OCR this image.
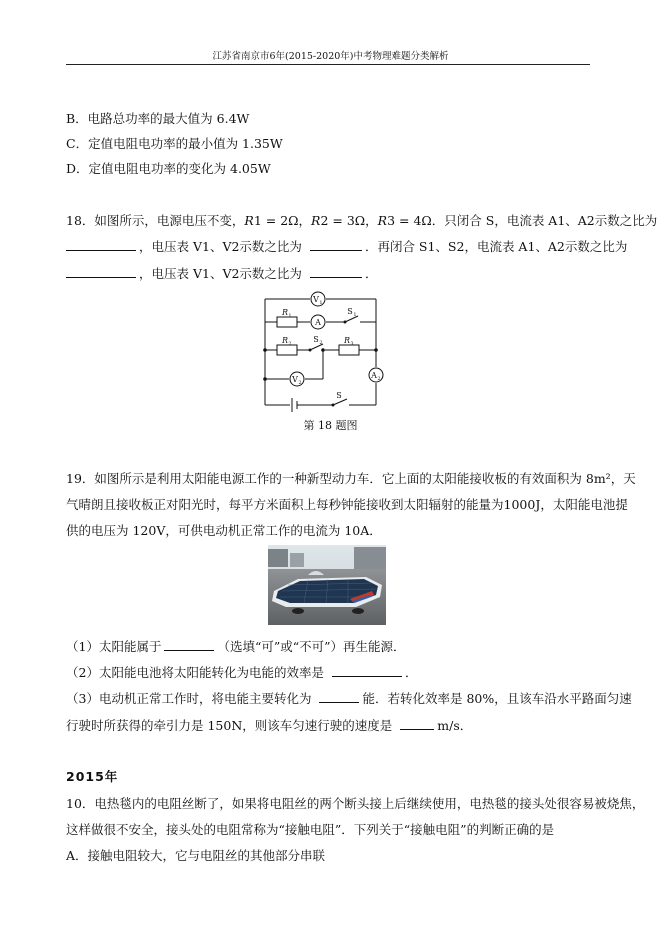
江苏省南京市6年(2015-2020年)中考物理难题分类解析
B．电路总功率的最大值为 6.4W
C．定值电阻电功率的最小值为 1.35W
D．定值电阻电功率的变化为 4.05W
18．如图所示，电源电压不变，R1 = 2Ω，R2 = 3Ω，R3 = 4Ω．只闭合 S，电流表 A1、A2示数之比为
，电压表 V1、V2示数之比为	．再闭合 S1、S2，电流表 A1、A2示数之比为
，电压表 V1、V2示数之比为	．
V 1
A
V 2
A 2
R 1
R 2	R 3
S 1
S 2
S
第 18 题图
19．如图所示是利用太阳能电源工作的一种新型动力车．它上面的太阳能接收板的有效面积为 8m²，天
气晴朗且接收板正对阳光时，每平方米面积上每秒钟能接收到太阳辐射的能量为1000J，太阳能电池提
供的电压为 120V，可供电动机正常工作的电流为 10A．
（1）太阳能属于	（选填“可”或“不可”）再生能源．
（2）太阳能电池将太阳能转化为电能的效率是	．
（3）电动机正常工作时，将电能主要转化为	能．若转化效率是 80%，且该车沿水平路面匀速
行驶时所获得的牵引力是 150N，则该车匀速行驶的速度是	m/s．
2015年
10．电热毯内的电阻丝断了，如果将电阻丝的两个断头接上后继续使用，电热毯的接头处很容易被烧焦，
这样做很不安全，接头处的电阻常称为“接触电阻”．下列关于“接触电阻”的判断正确的是
A．接触电阻较大，它与电阻丝的其他部分串联
